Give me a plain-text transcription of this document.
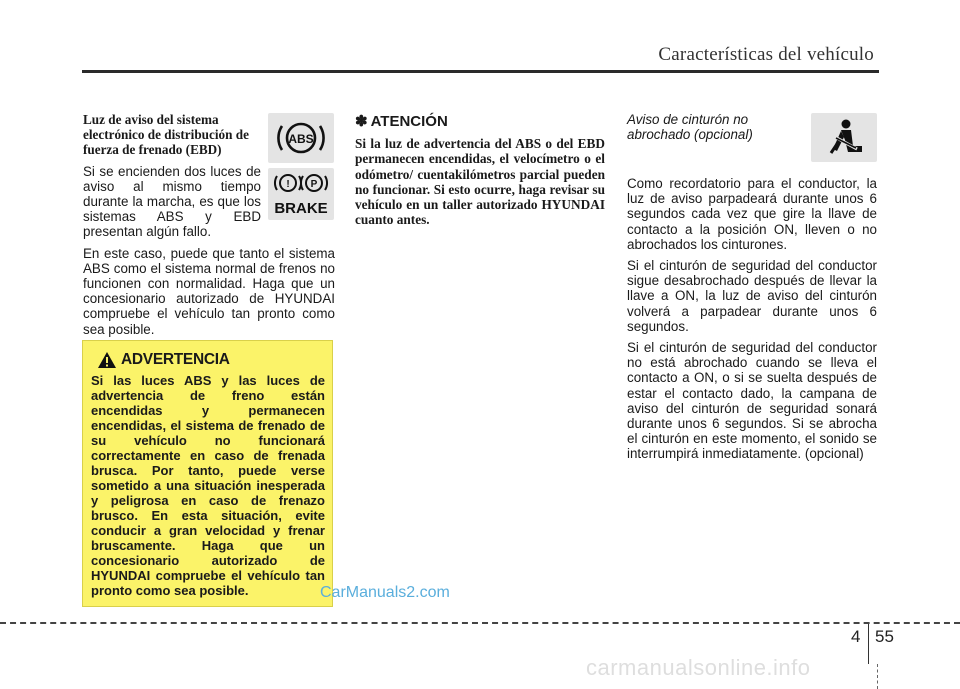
Características del vehículo

Luz de aviso del sistema electrónico de distribución de fuerza de frenado (EBD)

Si se encienden dos luces de aviso al mismo tiempo durante la marcha, es que los sistemas ABS y EBD presentan algún fallo.

En este caso, puede que tanto el sistema ABS como el sistema normal de frenos no funcionen con normalidad. Haga que un concesionario autorizado de HYUNDAI compruebe el vehículo tan pronto como sea posible.

ABS
! P
BRAKE
ADVERTENCIA

Si las luces ABS y las luces de advertencia de freno están encendidas y permanecen encendidas, el sistema de frenado de su vehículo no funcionará correctamente en caso de frenada brusca. Por tanto, puede verse sometido a una situación inesperada y peligrosa en caso de frenazo brusco. En esta situación, evite conducir a gran velocidad y frenar bruscamente. Haga que un concesionario autorizado de HYUNDAI compruebe el vehículo tan pronto como sea posible.

✽ ATENCIÓN

Si la luz de advertencia del ABS o del EBD permanecen encendidas, el velocímetro o el odómetro/ cuentakilómetros parcial pueden no funcionar. Si esto ocurre, haga revisar su vehículo en un taller autorizado HYUNDAI cuanto antes.

Aviso de cinturón no abrochado (opcional)

Como recordatorio para el conductor, la luz de aviso parpadeará durante unos 6 segundos cada vez que gire la llave de contacto a la posición ON, lleven o no abrochados los cinturones.

Si el cinturón de seguridad del conductor sigue desabrochado después de llevar la llave a ON, la luz de aviso del cinturón volverá a parpadear durante unos 6 segundos.

Si el cinturón de seguridad del conductor no está abrochado cuando se lleva el contacto a ON, o si se suelta después de estar el contacto dado, la campana de aviso del cinturón de seguridad sonará durante unos 6 segundos. Si se abrocha el cinturón en este momento, el sonido se interrumpirá inmediatamente. (opcional)

CarManuals2.com
4 55
carmanualsonline.info
